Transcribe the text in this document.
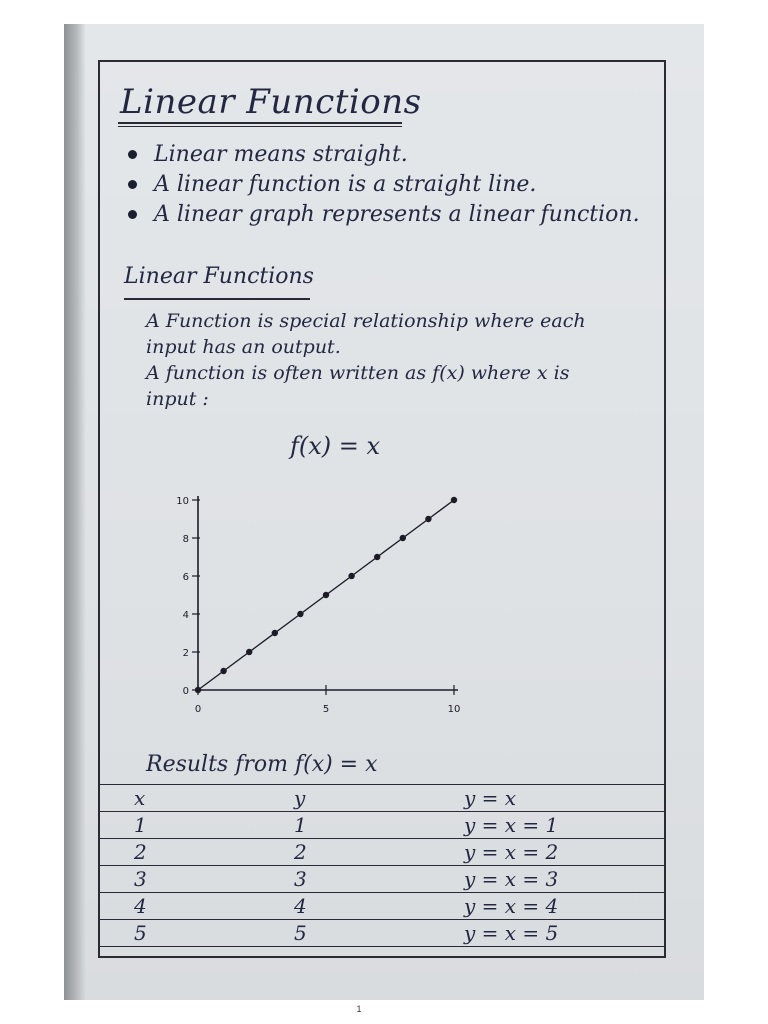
Linear Functions
Linear means straight.
A linear function is a straight line.
A linear graph represents a linear function.
Linear Functions

A Function is special relationship where each

input has an output.

A function is often written as f(x) where x is

input :

f(x) = x
0
2
4
6
8
10
0	5	10
Results from f(x) = x
x	y	y = x
1	1	y = x = 1
2	2	y = x = 2
3	3	y = x = 3
4	4	y = x = 4
5	5	y = x = 5
1
